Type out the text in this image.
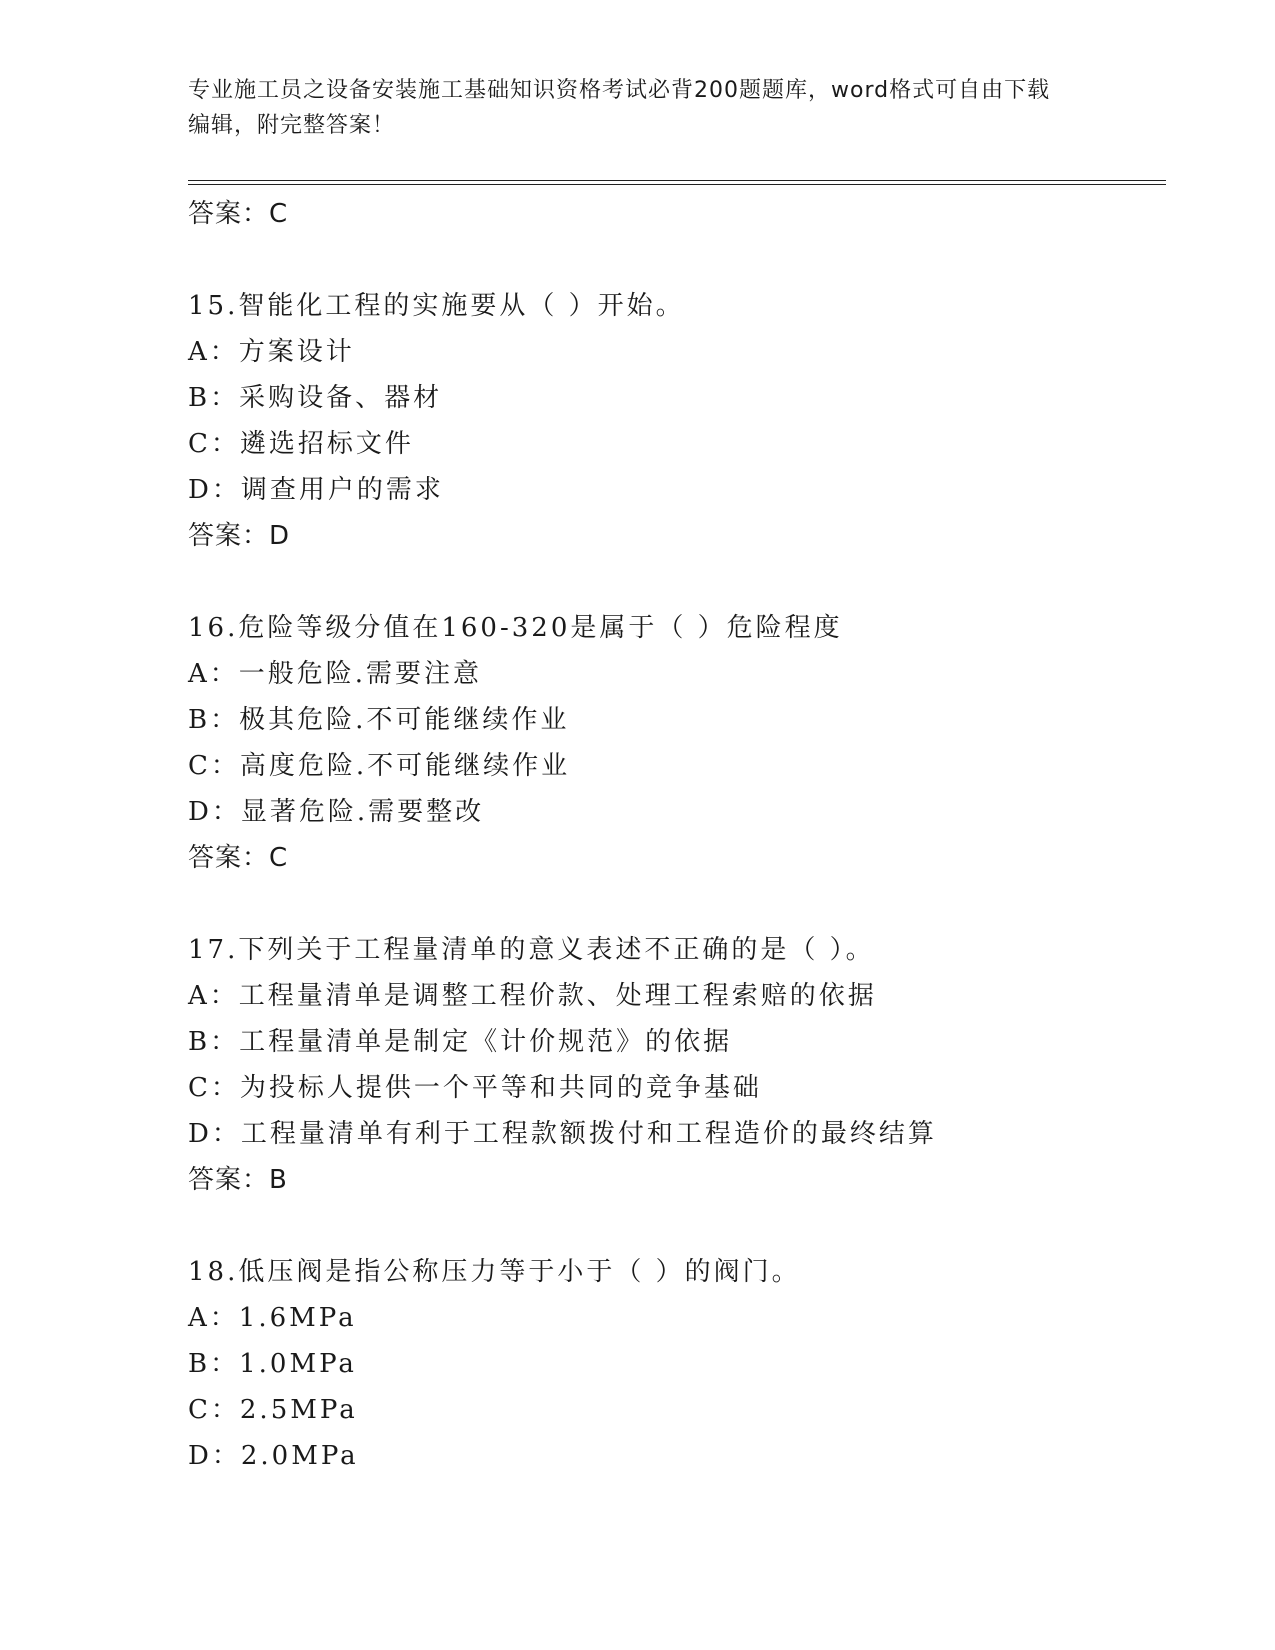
专业施工员之设备安装施工基础知识资格考试必背200题题库，word格式可自由下载编辑，附完整答案！
答案：C
15.智能化工程的实施要从（ ）开始。
A：方案设计
B：采购设备、器材
C：遴选招标文件
D：调查用户的需求
答案：D
16.危险等级分值在160-320是属于（ ）危险程度
A：一般危险.需要注意
B：极其危险.不可能继续作业
C：高度危险.不可能继续作业
D：显著危险.需要整改
答案：C
17.下列关于工程量清单的意义表述不正确的是（ ）。
A：工程量清单是调整工程价款、处理工程索赔的依据
B：工程量清单是制定《计价规范》的依据
C：为投标人提供一个平等和共同的竞争基础
D：工程量清单有利于工程款额拨付和工程造价的最终结算
答案：B
18.低压阀是指公称压力等于小于（ ）的阀门。
A：1.6MPa
B：1.0MPa
C：2.5MPa
D：2.0MPa
